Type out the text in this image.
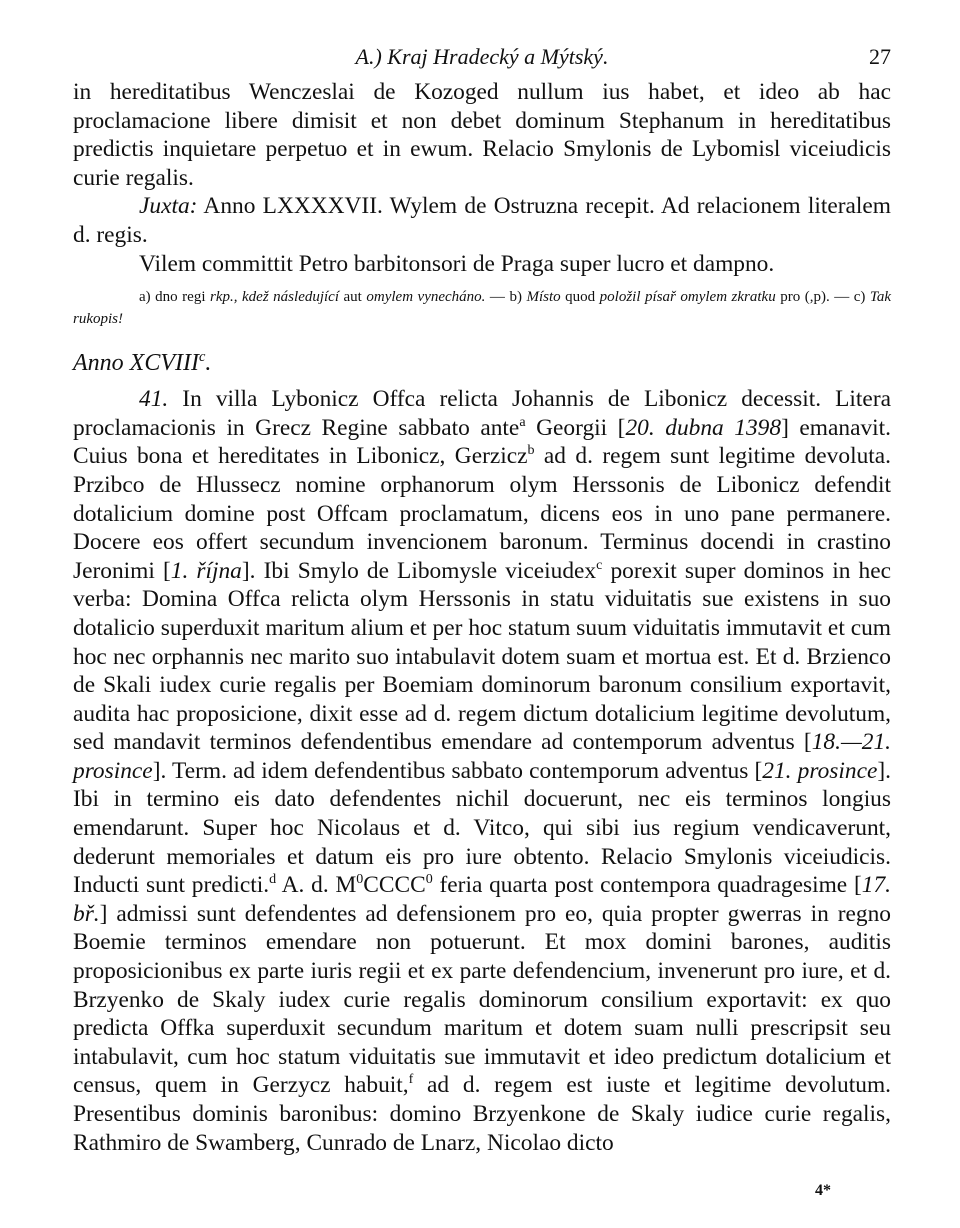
A.) Kraj Hradecký a Mýtský.	27

in hereditatibus Wenczeslai de Kozoged nullum ius habet, et ideo ab hac proclamacione libere dimisit et non debet dominum Stephanum in hereditatibus predictis inquietare perpetuo et in ewum. Relacio Smylonis de Lybomisl viceiudicis curie regalis.

Juxta: Anno LXXXXVII. Wylem de Ostruzna recepit. Ad relacionem literalem d. regis.

Vilem committit Petro barbitonsori de Praga super lucro et dampno.

a) dno regi rkp., kdež následující aut omylem vynecháno. — b) Místo quod položil písař omylem zkratku pro (,p). — c) Tak rukopis!

Anno XCVIII$^c$.

41. In villa Lybonicz Offca relicta Johannis de Libonicz decessit. Litera proclamacionis in Grecz Regine sabbato ante$^a$ Georgii [20. dubna 1398] emanavit. Cuius bona et hereditates in Libonicz, Gerzicz$^b$ ad d. regem sunt legitime devoluta. Przibco de Hlussecz nomine orphanorum olym Herssonis de Libonicz defendit dotalicium domine post Offcam proclamatum, dicens eos in uno pane permanere. Docere eos offert secundum invencionem baronum. Terminus docendi in crastino Jeronimi [1. října]. Ibi Smylo de Libomysle viceiudex$^c$ porexit super dominos in hec verba: Domina Offca relicta olym Herssonis in statu viduitatis sue existens in suo dotalicio superduxit maritum alium et per hoc statum suum viduitatis immutavit et cum hoc nec orphannis nec marito suo intabulavit dotem suam et mortua est. Et d. Brzienco de Skali iudex curie regalis per Boemiam dominorum baronum consilium exportavit, audita hac proposicione, dixit esse ad d. regem dictum dotalicium legitime devolutum, sed mandavit terminos defendentibus emendare ad contemporum adventus [18.—21. prosince]. Term. ad idem defendentibus sabbato contemporum adventus [21. prosince]. Ibi in termino eis dato defendentes nichil docuerunt, nec eis terminos longius emendarunt. Super hoc Nicolaus et d. Vitco, qui sibi ius regium vendicaverunt, dederunt memoriales et datum eis pro iure obtento. Relacio Smylonis viceiudicis. Inducti sunt predicti.$^d$ A. d. $M^0CCCC^0$ feria quarta post contempora quadragesime [17. bř.] admissi sunt defendentes ad defensionem pro eo, quia propter gwerras in regno Boemie terminos emendare non potuerunt. Et mox domini barones, auditis proposicionibus ex parte iuris regii et ex parte defendencium, invenerunt pro iure, et d. Brzyenko de Skaly iudex curie regalis dominorum consilium exportavit: ex quo predicta Offka superduxit secundum maritum et dotem suam nulli prescripsit seu intabulavit, cum hoc statum viduitatis sue immutavit et ideo predictum dotalicium et census, quem in Gerzycz habuit,$^f$ ad d. regem est iuste et legitime devolutum. Presentibus dominis baronibus: domino Brzyenkone de Skaly iudice curie regalis, Rathmiro de Swamberg, Cunrado de Lnarz, Nicolao dicto

4*
